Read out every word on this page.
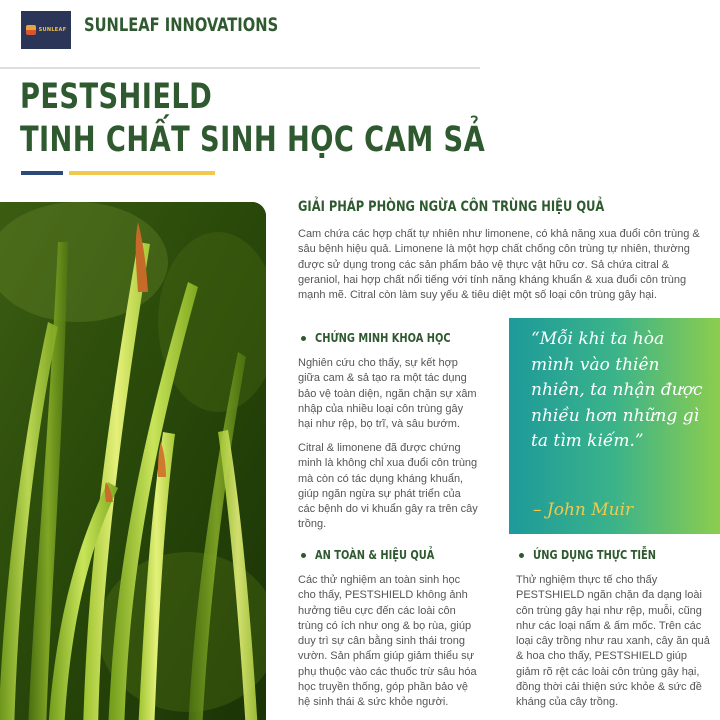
SUNLEAF SUNLEAF INNOVATIONS
PESTSHIELD
TINH CHẤT SINH HỌC CAM SẢ
GIẢI PHÁP PHÒNG NGỪA CÔN TRÙNG HIỆU QUẢ
Cam chứa các hợp chất tự nhiên như limonene, có khả năng xua đuổi côn trùng & sâu bệnh hiệu quả. Limonene là một hợp chất chống côn trùng tự nhiên, thường được sử dụng trong các sản phẩm bảo vệ thực vật hữu cơ. Sả chứa citral & geraniol, hai hợp chất nổi tiếng với tính năng kháng khuẩn & xua đuổi côn trùng mạnh mẽ. Citral còn làm suy yếu & tiêu diệt một số loại côn trùng gây hại.
CHỨNG MINH KHOA HỌC
Nghiên cứu cho thấy, sự kết hợp giữa cam & sả tạo ra một tác dụng bảo vệ toàn diện, ngăn chặn sự xâm nhập của nhiều loại côn trùng gây hại như rệp, bọ trĩ, và sâu bướm.
Citral & limonene đã được chứng minh là không chỉ xua đuổi côn trùng mà còn có tác dụng kháng khuẩn, giúp ngăn ngừa sự phát triển của các bệnh do vi khuẩn gây ra trên cây trồng.
“Mỗi khi ta hòa mình vào thiên nhiên, ta nhận được nhiều hơn những gì ta tìm kiếm.”
– John Muir
AN TOÀN & HIỆU QUẢ
Các thử nghiệm an toàn sinh học cho thấy, PESTSHIELD không ảnh hưởng tiêu cực đến các loài côn trùng có ích như ong & bọ rùa, giúp duy trì sự cân bằng sinh thái trong vườn. Sản phẩm giúp giảm thiểu sự phụ thuộc vào các thuốc trừ sâu hóa học truyền thống, góp phần bảo vệ hệ sinh thái & sức khỏe người.
ỨNG DỤNG THỰC TIỄN
Thử nghiệm thực tế cho thấy PESTSHIELD ngăn chặn đa dạng loài côn trùng gây hại như rệp, muỗi, cũng như các loại nấm & ấm mốc. Trên các loại cây trồng như rau xanh, cây ăn quả & hoa cho thấy, PESTSHIELD giúp giảm rõ rệt các loài côn trùng gây hại, đồng thời cải thiện sức khỏe & sức đề kháng của cây trồng.
